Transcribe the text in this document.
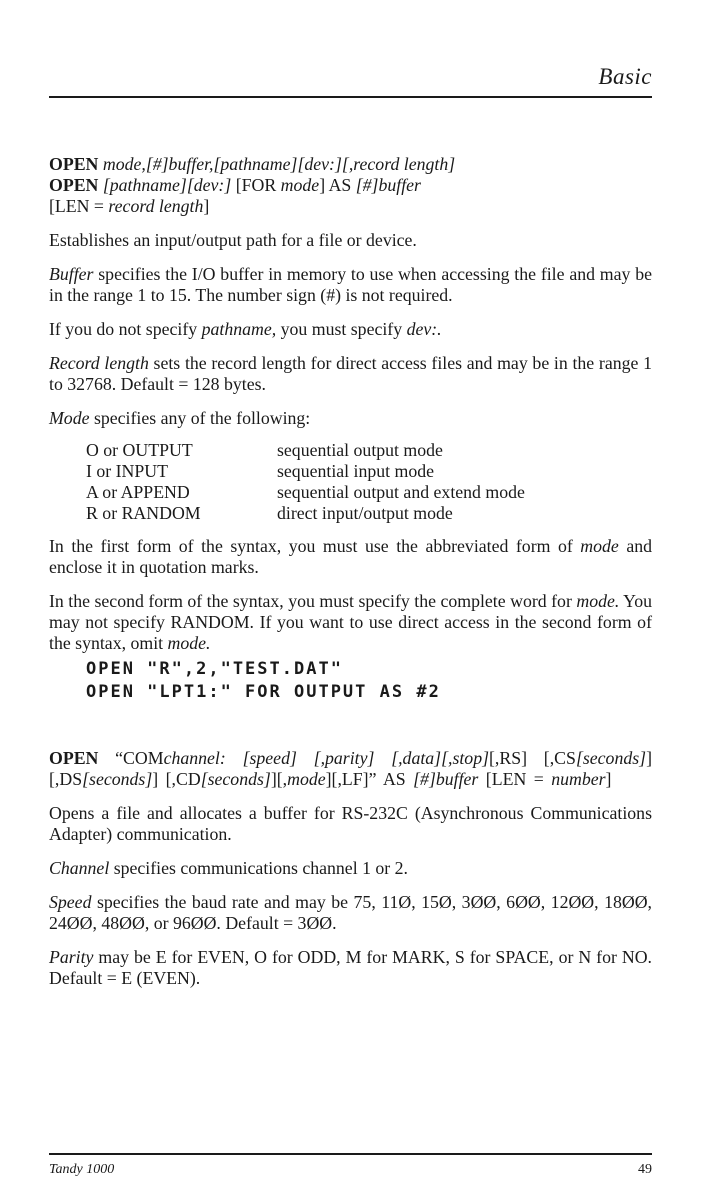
Basic

OPEN mode,[#]buffer,[pathname][dev:][,record length]

OPEN [pathname][dev:] [FOR mode] AS [#]buffer

[LEN = record length]

Establishes an input/output path for a file or device.

Buffer specifies the I/O buffer in memory to use when accessing the file and may be in the range 1 to 15. The number sign (#) is not required.

If you do not specify pathname, you must specify dev:.

Record length sets the record length for direct access files and may be in the range 1 to 32768. Default = 128 bytes.

Mode specifies any of the following:

O or OUTPUT	sequential output mode
I or INPUT	sequential input mode
A or APPEND	sequential output and extend mode
R or RANDOM	direct input/output mode

In the first form of the syntax, you must use the abbreviated form of mode and enclose it in quotation marks.

In the second form of the syntax, you must specify the complete word for mode. You may not specify RANDOM. If you want to use direct access in the second form of the syntax, omit mode.

OPEN "R",2,"TEST.DAT"
OPEN "LPT1:" FOR OUTPUT AS #2

OPEN “COMchannel: [speed] [,parity] [,data][,stop][,RS] [,CS[seconds]][,DS[seconds]] [,CD[seconds]][,mode][,LF]” AS [#]buffer [LEN = number]

Opens a file and allocates a buffer for RS-232C (Asynchronous Communications Adapter) communication.

Channel specifies communications channel 1 or 2.

Speed specifies the baud rate and may be 75, 11Ø, 15Ø, 3ØØ, 6ØØ, 12ØØ, 18ØØ, 24ØØ, 48ØØ, or 96ØØ. Default = 3ØØ.

Parity may be E for EVEN, O for ODD, M for MARK, S for SPACE, or N for NO. Default = E (EVEN).

Tandy 1000	49
